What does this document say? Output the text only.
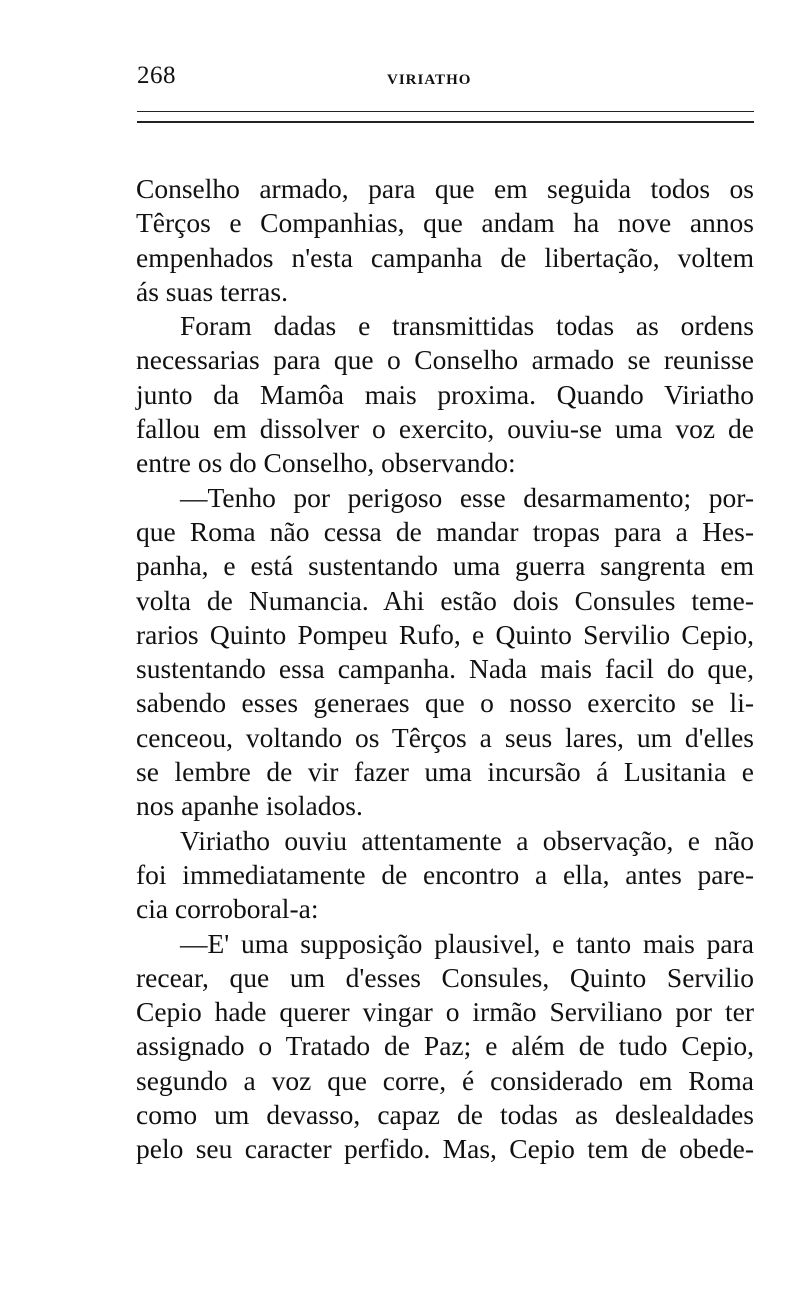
268	VIRIATHO
Conselho armado, para que em seguida todos os
Têrços e Companhias, que andam ha nove annos
empenhados n'esta campanha de libertação, voltem
ás suas terras.
Foram dadas e transmittidas todas as ordens
necessarias para que o Conselho armado se reunisse
junto da Mamôa mais proxima. Quando Viriatho
fallou em dissolver o exercito, ouviu-se uma voz de
entre os do Conselho, observando:
—Tenho por perigoso esse desarmamento; por-
que Roma não cessa de mandar tropas para a Hes-
panha, e está sustentando uma guerra sangrenta em
volta de Numancia. Ahi estão dois Consules teme-
rarios Quinto Pompeu Rufo, e Quinto Servilio Cepio,
sustentando essa campanha. Nada mais facil do que,
sabendo esses generaes que o nosso exercito se li-
cenceou, voltando os Têrços a seus lares, um d'elles
se lembre de vir fazer uma incursão á Lusitania e
nos apanhe isolados.
Viriatho ouviu attentamente a observação, e não
foi immediatamente de encontro a ella, antes pare-
cia corroboral-a:
—E' uma supposição plausivel, e tanto mais para
recear, que um d'esses Consules, Quinto Servilio
Cepio hade querer vingar o irmão Serviliano por ter
assignado o Tratado de Paz; e além de tudo Cepio,
segundo a voz que corre, é considerado em Roma
como um devasso, capaz de todas as deslealdades
pelo seu caracter perfido. Mas, Cepio tem de obede-
